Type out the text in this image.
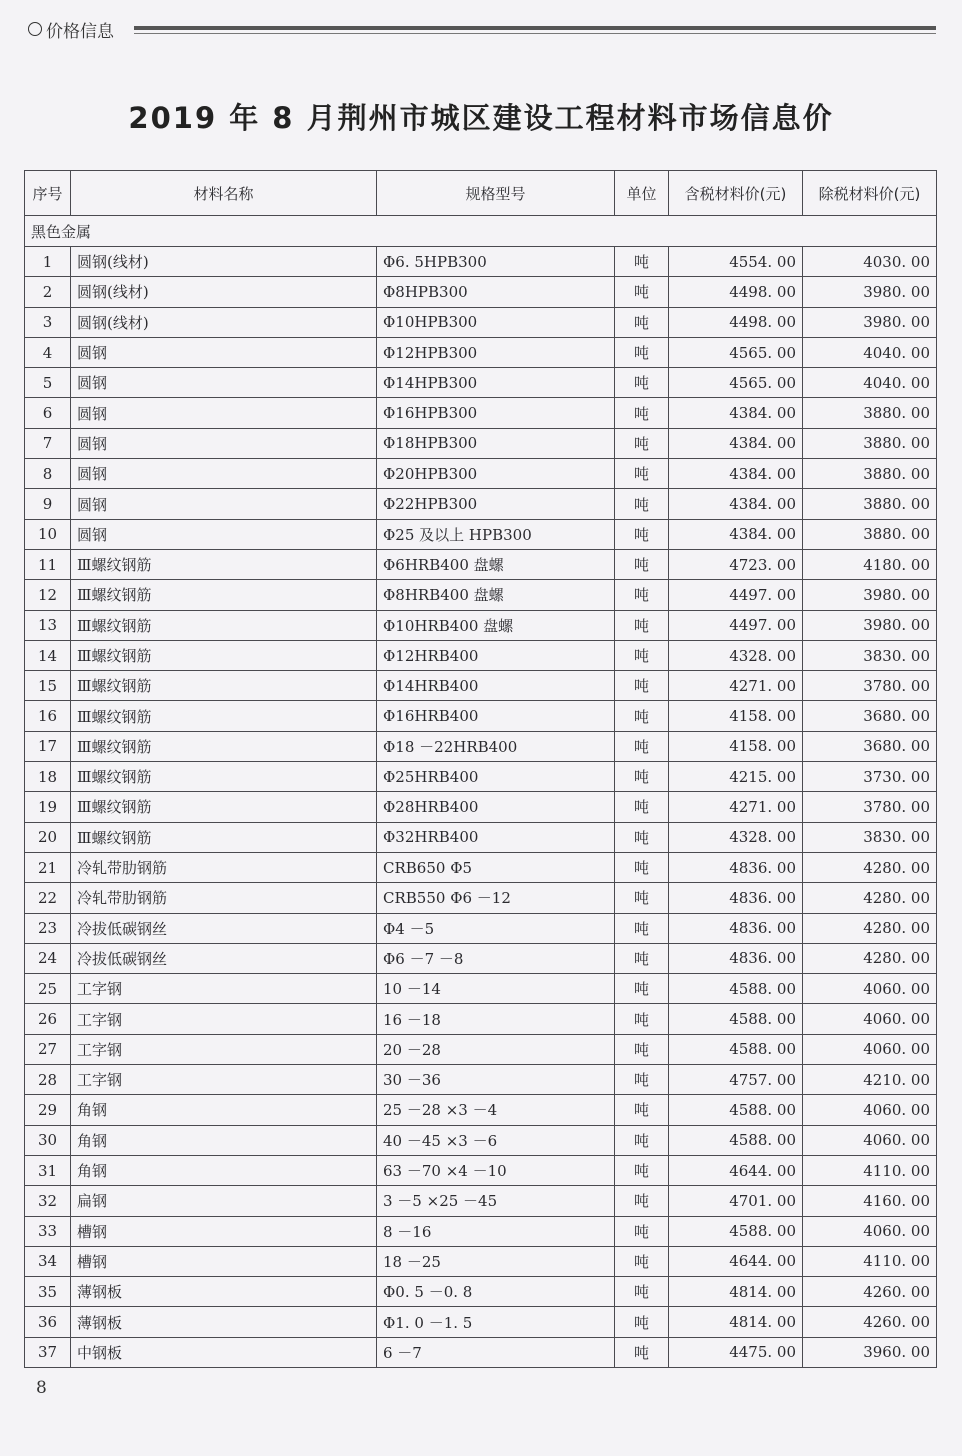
价格信息
2019 年 8 月荆州市城区建设工程材料市场信息价
序号	材料名称	规格型号	单位	含税材料价(元)	除税材料价(元)
黑色金属					
1	圆钢(线材)	Φ6. 5HPB300	吨	4554. 00	4030. 00
2	圆钢(线材)	Φ8HPB300	吨	4498. 00	3980. 00
3	圆钢(线材)	Φ10HPB300	吨	4498. 00	3980. 00
4	圆钢	Φ12HPB300	吨	4565. 00	4040. 00
5	圆钢	Φ14HPB300	吨	4565. 00	4040. 00
6	圆钢	Φ16HPB300	吨	4384. 00	3880. 00
7	圆钢	Φ18HPB300	吨	4384. 00	3880. 00
8	圆钢	Φ20HPB300	吨	4384. 00	3880. 00
9	圆钢	Φ22HPB300	吨	4384. 00	3880. 00
10	圆钢	Φ25 及以上 HPB300	吨	4384. 00	3880. 00
11	Ⅲ螺纹钢筋	Φ6HRB400 盘螺	吨	4723. 00	4180. 00
12	Ⅲ螺纹钢筋	Φ8HRB400 盘螺	吨	4497. 00	3980. 00
13	Ⅲ螺纹钢筋	Φ10HRB400 盘螺	吨	4497. 00	3980. 00
14	Ⅲ螺纹钢筋	Φ12HRB400	吨	4328. 00	3830. 00
15	Ⅲ螺纹钢筋	Φ14HRB400	吨	4271. 00	3780. 00
16	Ⅲ螺纹钢筋	Φ16HRB400	吨	4158. 00	3680. 00
17	Ⅲ螺纹钢筋	Φ18 －22HRB400	吨	4158. 00	3680. 00
18	Ⅲ螺纹钢筋	Φ25HRB400	吨	4215. 00	3730. 00
19	Ⅲ螺纹钢筋	Φ28HRB400	吨	4271. 00	3780. 00
20	Ⅲ螺纹钢筋	Φ32HRB400	吨	4328. 00	3830. 00
21	冷轧带肋钢筋	CRB650 Φ5	吨	4836. 00	4280. 00
22	冷轧带肋钢筋	CRB550 Φ6 －12	吨	4836. 00	4280. 00
23	冷拔低碳钢丝	Φ4 －5	吨	4836. 00	4280. 00
24	冷拔低碳钢丝	Φ6 －7 －8	吨	4836. 00	4280. 00
25	工字钢	10 －14	吨	4588. 00	4060. 00
26	工字钢	16 －18	吨	4588. 00	4060. 00
27	工字钢	20 －28	吨	4588. 00	4060. 00
28	工字钢	30 －36	吨	4757. 00	4210. 00
29	角钢	25 －28 ×3 －4	吨	4588. 00	4060. 00
30	角钢	40 －45 ×3 －6	吨	4588. 00	4060. 00
31	角钢	63 －70 ×4 －10	吨	4644. 00	4110. 00
32	扁钢	3 －5 ×25 －45	吨	4701. 00	4160. 00
33	槽钢	8 －16	吨	4588. 00	4060. 00
34	槽钢	18 －25	吨	4644. 00	4110. 00
35	薄钢板	Φ0. 5 －0. 8	吨	4814. 00	4260. 00
36	薄钢板	Φ1. 0 －1. 5	吨	4814. 00	4260. 00
37	中钢板	6 －7	吨	4475. 00	3960. 00
8
